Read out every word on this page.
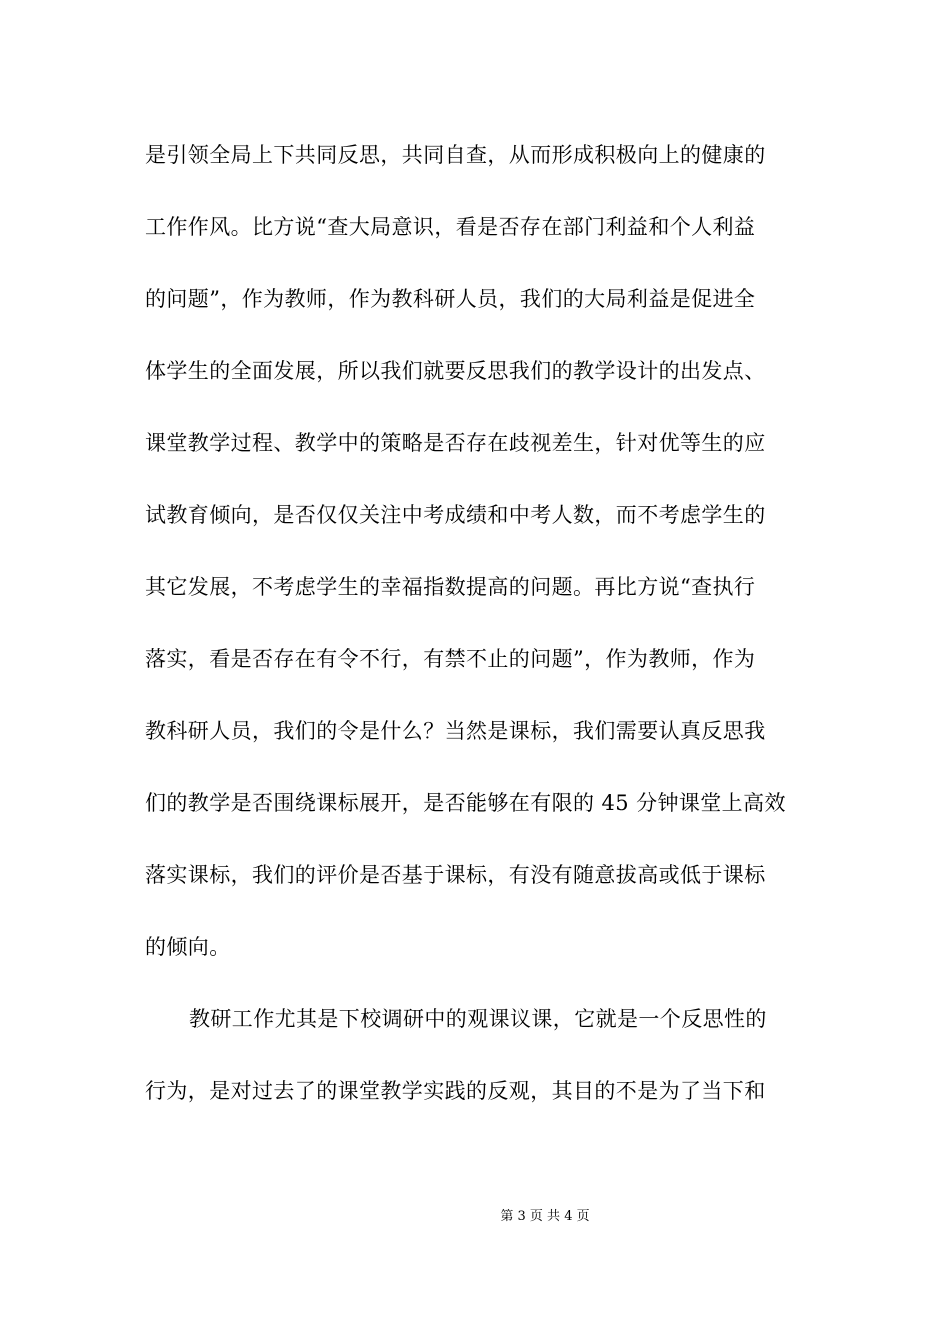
是引领全局上下共同反思，共同自查，从而形成积极向上的健康的
工作作风。比方说“查大局意识，看是否存在部门利益和个人利益
的问题”，作为教师，作为教科研人员，我们的大局利益是促进全
体学生的全面发展，所以我们就要反思我们的教学设计的出发点、
课堂教学过程、教学中的策略是否存在歧视差生，针对优等生的应
试教育倾向，是否仅仅关注中考成绩和中考人数，而不考虑学生的
其它发展，不考虑学生的幸福指数提高的问题。再比方说“查执行
落实，看是否存在有令不行，有禁不止的问题”，作为教师，作为
教科研人员，我们的令是什么？当然是课标，我们需要认真反思我
们的教学是否围绕课标展开，是否能够在有限的 45 分钟课堂上高效
落实课标，我们的评价是否基于课标，有没有随意拔高或低于课标
的倾向。
教研工作尤其是下校调研中的观课议课，它就是一个反思性的
行为，是对过去了的课堂教学实践的反观，其目的不是为了当下和
第 3 页 共 4 页
